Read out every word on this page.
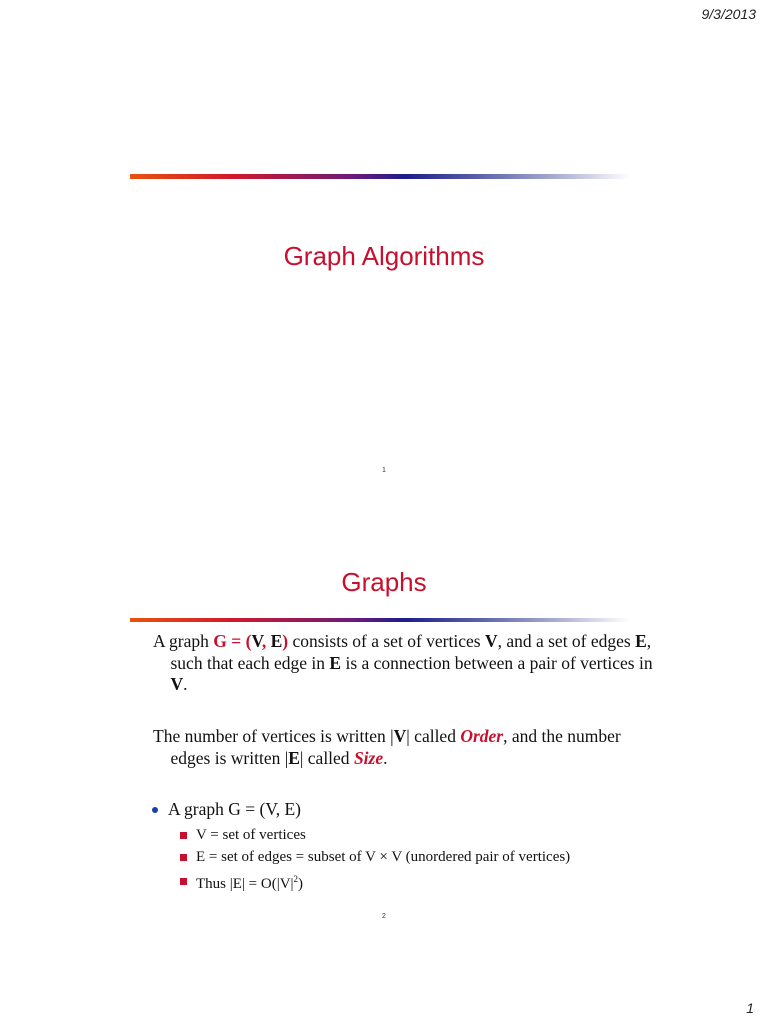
9/3/2013
Graph Algorithms
1
Graphs
A graph G = (V, E) consists of a set of vertices V, and a set of edges E, such that each edge in E is a connection between a pair of vertices in V.
The number of vertices is written |V| called Order, and the number edges is written |E| called Size.
A graph G = (V, E)
V = set of vertices
E = set of edges = subset of V × V (unordered pair of vertices)
Thus $|E| = O(|V|^2)$
2
1
